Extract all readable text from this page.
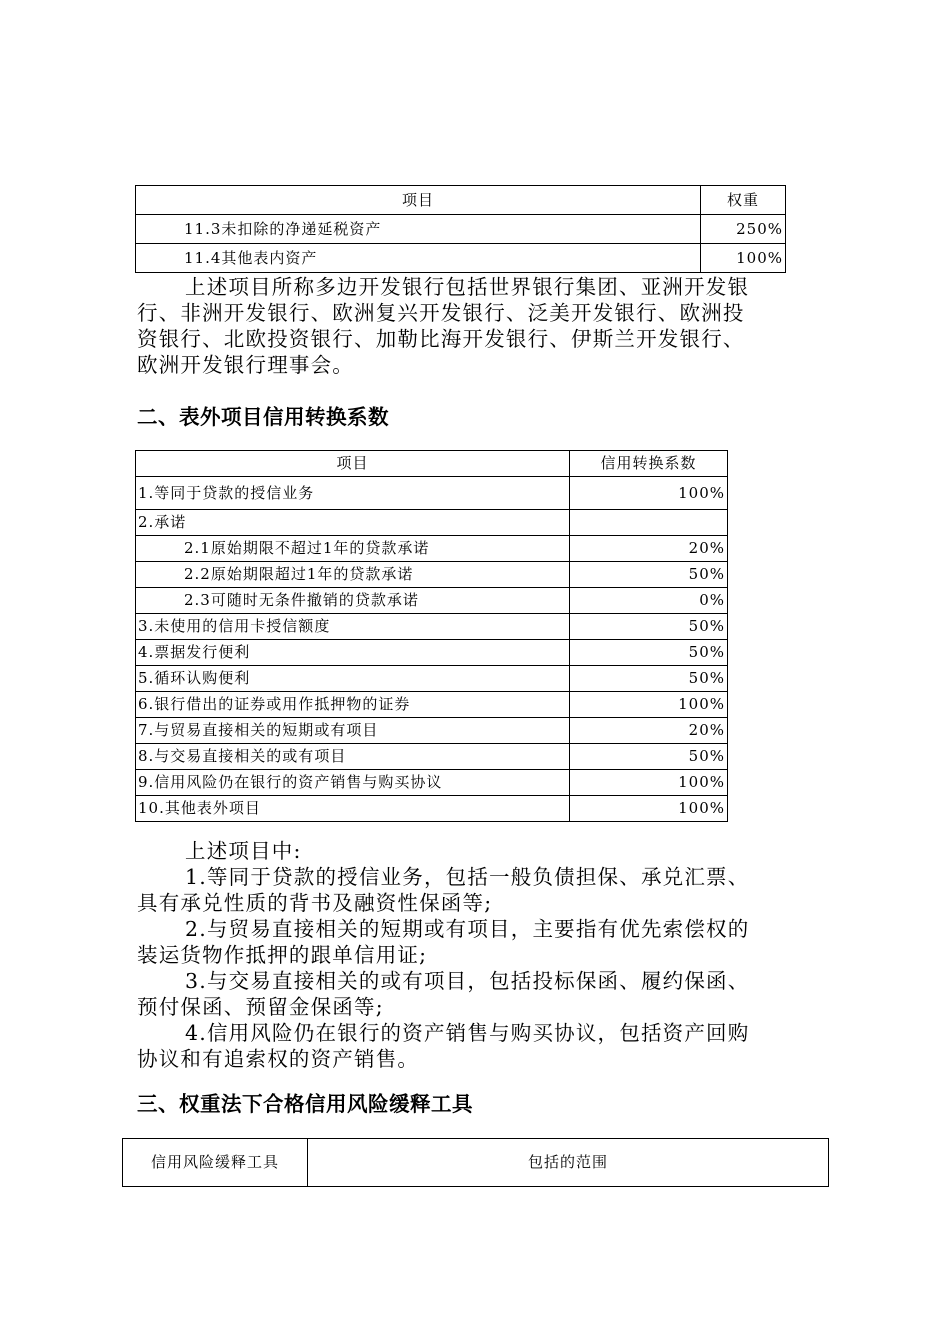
项目	权重
11.3未扣除的净递延税资产	250%
11.4其他表内资产	100%

上述项目所称多边开发银行包括世界银行集团、亚洲开发银
行、非洲开发银行、欧洲复兴开发银行、泛美开发银行、欧洲投
资银行、北欧投资银行、加勒比海开发银行、伊斯兰开发银行、
欧洲开发银行理事会。

二、表外项目信用转换系数
项目	信用转换系数
1.等同于贷款的授信业务	100%
2.承诺	
2.1原始期限不超过1年的贷款承诺	20%
2.2原始期限超过1年的贷款承诺	50%
2.3可随时无条件撤销的贷款承诺	0%
3.未使用的信用卡授信额度	50%
4.票据发行便利	50%
5.循环认购便利	50%
6.银行借出的证券或用作抵押物的证券	100%
7.与贸易直接相关的短期或有项目	20%
8.与交易直接相关的或有项目	50%
9.信用风险仍在银行的资产销售与购买协议	100%
10.其他表外项目	100%

上述项目中:
1.等同于贷款的授信业务，包括一般负债担保、承兑汇票、
具有承兑性质的背书及融资性保函等;
2.与贸易直接相关的短期或有项目，主要指有优先索偿权的
装运货物作抵押的跟单信用证;
3.与交易直接相关的或有项目，包括投标保函、履约保函、
预付保函、预留金保函等;
4.信用风险仍在银行的资产销售与购买协议，包括资产回购
协议和有追索权的资产销售。

三、权重法下合格信用风险缓释工具
信用风险缓释工具	包括的范围
